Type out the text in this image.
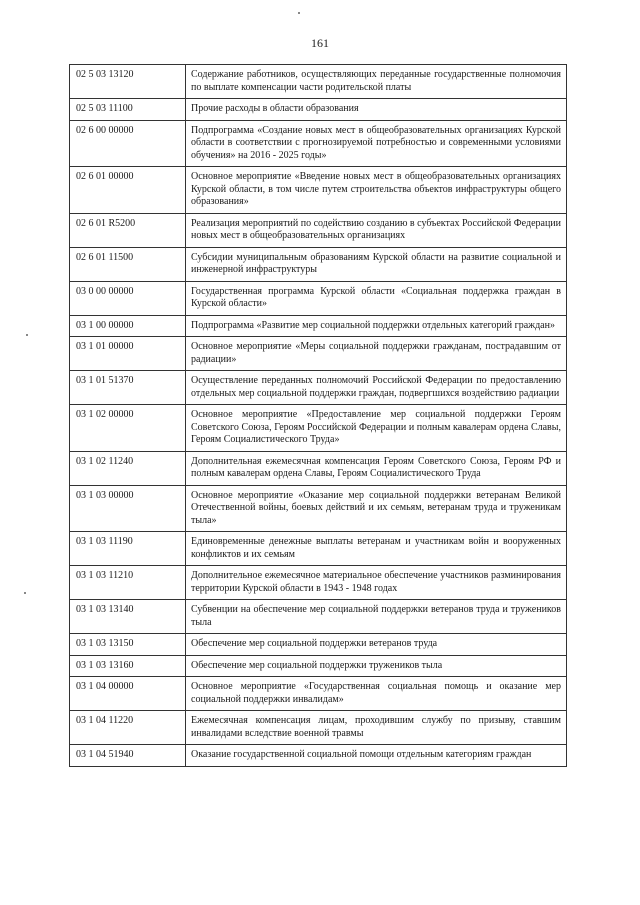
161
02 5 03 13120	Содержание работников, осуществляющих переданные государственные полномочия по выплате компенсации части родительской платы
02 5 03 11100	Прочие расходы в области образования
02 6 00 00000	Подпрограмма «Создание новых мест в общеобразовательных организациях Курской области в соответствии с прогнозируемой потребностью и современными условиями обучения» на 2016 - 2025 годы»
02 6 01 00000	Основное мероприятие «Введение новых мест в общеобразовательных организациях Курской области, в том числе путем строительства объектов инфраструктуры общего образования»
02 6 01 R5200	Реализация мероприятий по содействию созданию в субъектах Российской Федерации новых мест в общеобразовательных организациях
02 6 01 11500	Субсидии муниципальным образованиям Курской области на развитие социальной и инженерной инфраструктуры
03 0 00 00000	Государственная программа Курской области «Социальная поддержка граждан в Курской области»
03 1 00 00000	Подпрограмма «Развитие мер социальной поддержки отдельных категорий граждан»
03 1 01 00000	Основное мероприятие «Меры социальной поддержки гражданам, пострадавшим от радиации»
03 1 01 51370	Осуществление переданных полномочий Российской Федерации по предоставлению отдельных мер социальной поддержки граждан, подвергшихся воздействию радиации
03 1 02 00000	Основное мероприятие «Предоставление мер социальной поддержки Героям Советского Союза, Героям Российской Федерации и полным кавалерам ордена Славы, Героям Социалистического Труда»
03 1 02 11240	Дополнительная ежемесячная компенсация Героям Советского Союза, Героям РФ и полным кавалерам ордена Славы, Героям Социалистического Труда
03 1 03 00000	Основное мероприятие «Оказание мер социальной поддержки ветеранам Великой Отечественной войны, боевых действий и их семьям, ветеранам труда и труженикам тыла»
03 1 03 11190	Единовременные денежные выплаты ветеранам и участникам войн и вооруженных конфликтов и их семьям
03 1 03 11210	Дополнительное ежемесячное материальное обеспечение участников разминирования территории Курской области в 1943 - 1948 годах
03 1 03 13140	Субвенции на обеспечение мер социальной поддержки ветеранов труда и тружеников тыла
03 1 03 13150	Обеспечение мер социальной поддержки ветеранов труда
03 1 03 13160	Обеспечение мер социальной поддержки тружеников тыла
03 1 04 00000	Основное мероприятие «Государственная социальная помощь и оказание мер социальной поддержки инвалидам»
03 1 04 11220	Ежемесячная компенсация лицам, проходившим службу по призыву, ставшим инвалидами вследствие военной травмы
03 1 04 51940	Оказание государственной социальной помощи отдельным категориям граждан
